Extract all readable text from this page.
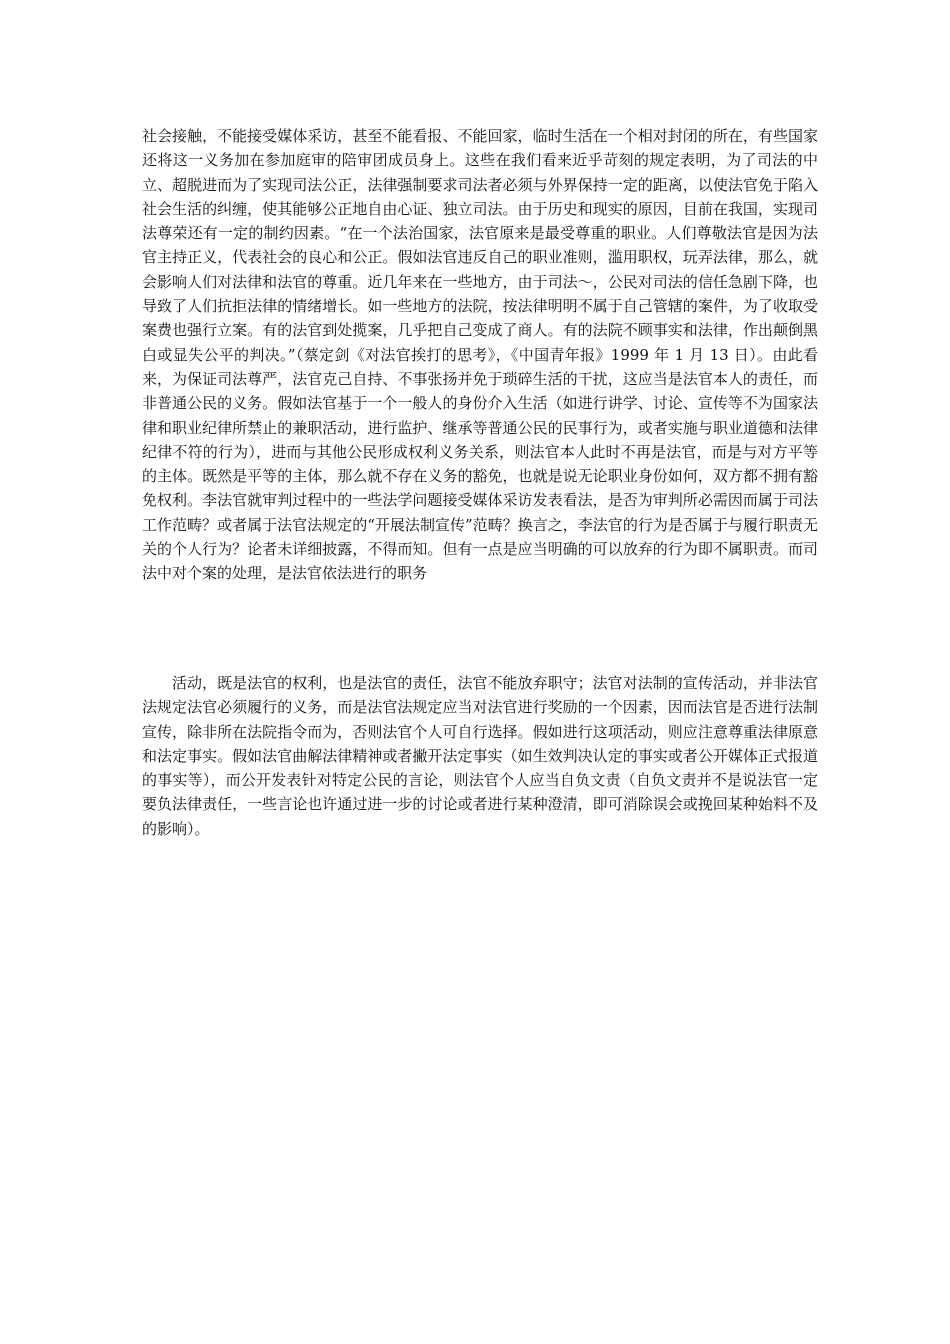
社会接触，不能接受媒体采访，甚至不能看报、不能回家，临时生活在一个相对封闭的所在，有些国家还将这一义务加在参加庭审的陪审团成员身上。这些在我们看来近乎苛刻的规定表明，为了司法的中立、超脱进而为了实现司法公正，法律强制要求司法者必须与外界保持一定的距离，以使法官免于陷入社会生活的纠缠，使其能够公正地自由心证、独立司法。由于历史和现实的原因，目前在我国，实现司法尊荣还有一定的制约因素。“在一个法治国家，法官原来是最受尊重的职业。人们尊敬法官是因为法官主持正义，代表社会的良心和公正。假如法官违反自己的职业准则，滥用职权，玩弄法律，那么，就会影响人们对法律和法官的尊重。近几年来在一些地方，由于司法～，公民对司法的信任急剧下降，也导致了人们抗拒法律的情绪增长。如一些地方的法院，按法律明明不属于自己管辖的案件，为了收取受案费也强行立案。有的法官到处揽案，几乎把自己变成了商人。有的法院不顾事实和法律，作出颠倒黑白或显失公平的判决。”（蔡定剑《对法官挨打的思考》，《中国青年报》1999 年 1 月 13 日）。由此看来，为保证司法尊严，法官克己自持、不事张扬并免于琐碎生活的干扰，这应当是法官本人的责任，而非普通公民的义务。假如法官基于一个一般人的身份介入生活（如进行讲学、讨论、宣传等不为国家法律和职业纪律所禁止的兼职活动，进行监护、继承等普通公民的民事行为，或者实施与职业道德和法律纪律不符的行为），进而与其他公民形成权利义务关系，则法官本人此时不再是法官，而是与对方平等的主体。既然是平等的主体，那么就不存在义务的豁免，也就是说无论职业身份如何，双方都不拥有豁免权利。李法官就审判过程中的一些法学问题接受媒体采访发表看法，是否为审判所必需因而属于司法工作范畴？或者属于法官法规定的“开展法制宣传”范畴？换言之，李法官的行为是否属于与履行职责无关的个人行为？论者未详细披露，不得而知。但有一点是应当明确的可以放弃的行为即不属职责。而司法中对个案的处理，是法官依法进行的职务

活动，既是法官的权利，也是法官的责任，法官不能放弃职守；法官对法制的宣传活动，并非法官法规定法官必须履行的义务，而是法官法规定应当对法官进行奖励的一个因素，因而法官是否进行法制宣传，除非所在法院指令而为，否则法官个人可自行选择。假如进行这项活动，则应注意尊重法律原意和法定事实。假如法官曲解法律精神或者撇开法定事实（如生效判决认定的事实或者公开媒体正式报道的事实等），而公开发表针对特定公民的言论，则法官个人应当自负文责（自负文责并不是说法官一定要负法律责任，一些言论也许通过进一步的讨论或者进行某种澄清，即可消除误会或挽回某种始料不及的影响）。
